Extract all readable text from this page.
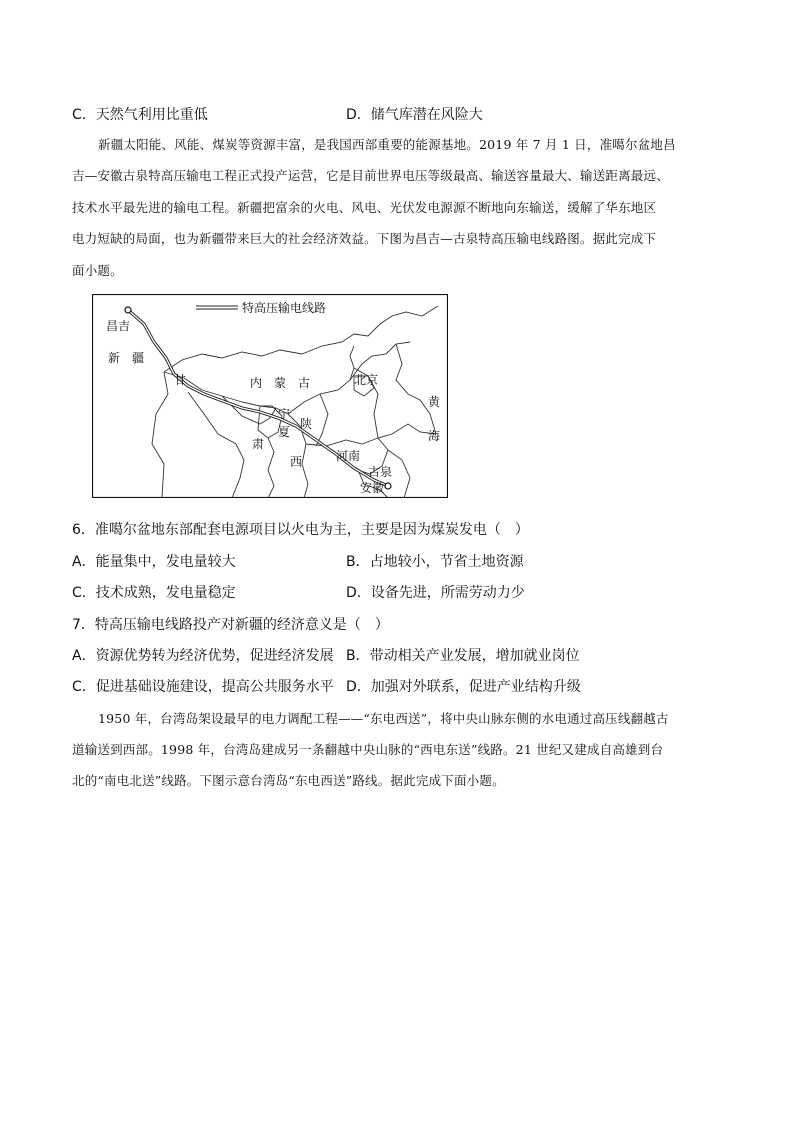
C．天然气利用比重低	D．储气库潜在风险大
新疆太阳能、风能、煤炭等资源丰富，是我国西部重要的能源基地。2019 年 7 月 1 日，准噶尔盆地昌
吉—安徽古泉特高压输电工程正式投产运营，它是目前世界电压等级最高、输送容量最大、输送距离最远、
技术水平最先进的输电工程。新疆把富余的火电、风电、光伏发电源源不断地向东输送，缓解了华东地区
电力短缺的局面，也为新疆带来巨大的社会经济效益。下图为昌吉—古泉特高压输电线路图。据此完成下
面小题。
特高压输电线路
昌吉
新　疆
甘	内　蒙　古	北京
黄
海
宁
夏
陕
肃
西	河南
古泉
安徽
6．准噶尔盆地东部配套电源项目以火电为主，主要是因为煤炭发电（　）
A．能量集中，发电量较大	B．占地较小，节省土地资源
C．技术成熟，发电量稳定	D．设备先进，所需劳动力少
7．特高压输电线路投产对新疆的经济意义是（　）
A．资源优势转为经济优势，促进经济发展 B．带动相关产业发展，增加就业岗位
C．促进基础设施建设，提高公共服务水平 D．加强对外联系，促进产业结构升级
1950 年，台湾岛架设最早的电力调配工程——“东电西送”，将中央山脉东侧的水电通过高压线翻越古
道输送到西部。1998 年，台湾岛建成另一条翻越中央山脉的“西电东送”线路。21 世纪又建成自高雄到台
北的“南电北送”线路。下图示意台湾岛“东电西送”路线。据此完成下面小题。
